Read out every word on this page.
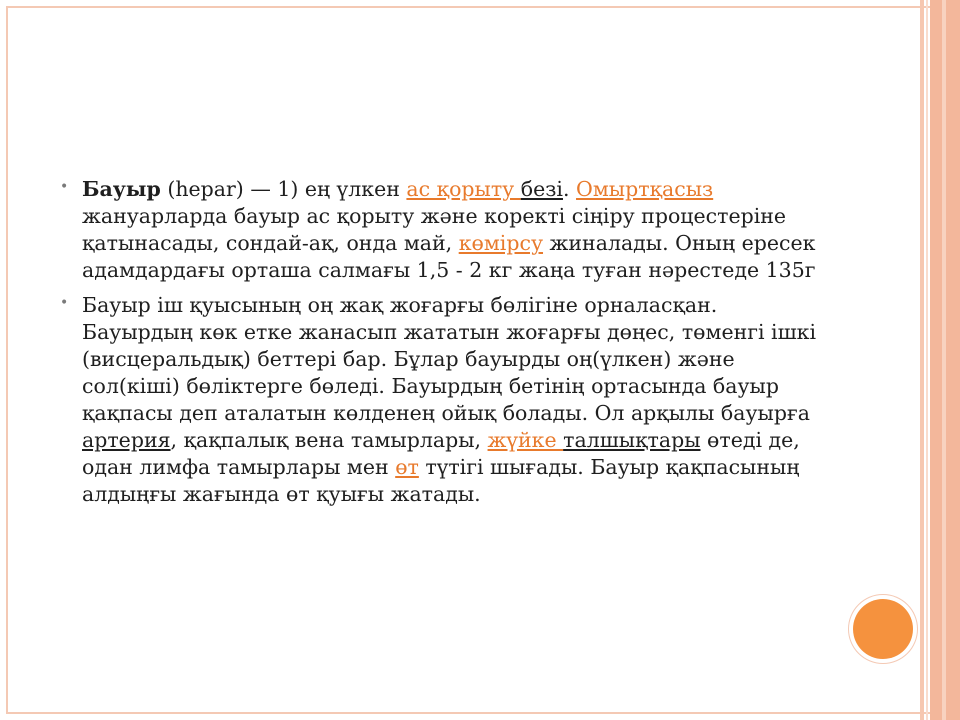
• Бауыр (hepar) — 1) ең үлкен ас қорыту безі. Омыртқасыз жануарларда бауыр ас қорыту және коректі сіңіру процестеріне қатынасады, сондай-ақ, онда май, көмірсу жиналады. Оның ересек адамдардағы орташа салмағы 1,5 - 2 кг жаңа туған нәрестеде 135г

• Бауыр іш қуысының оң жақ жоғарғы бөлігіне орналасқан. Бауырдың көк етке жанасып жататын жоғарғы дөңес, төменгі ішкі (висцеральдық) беттері бар. Бұлар бауырды оң(үлкен) және сол(кіші) бөліктерге бөледі. Бауырдың бетінің ортасында бауыр қақпасы деп аталатын көлденең ойық болады. Ол арқылы бауырға артерия, қақпалық вена тамырлары, жүйке талшықтары өтеді де, одан лимфа тамырлары мен өт түтігі шығады. Бауыр қақпасының алдыңғы жағында өт қуығы жатады.
